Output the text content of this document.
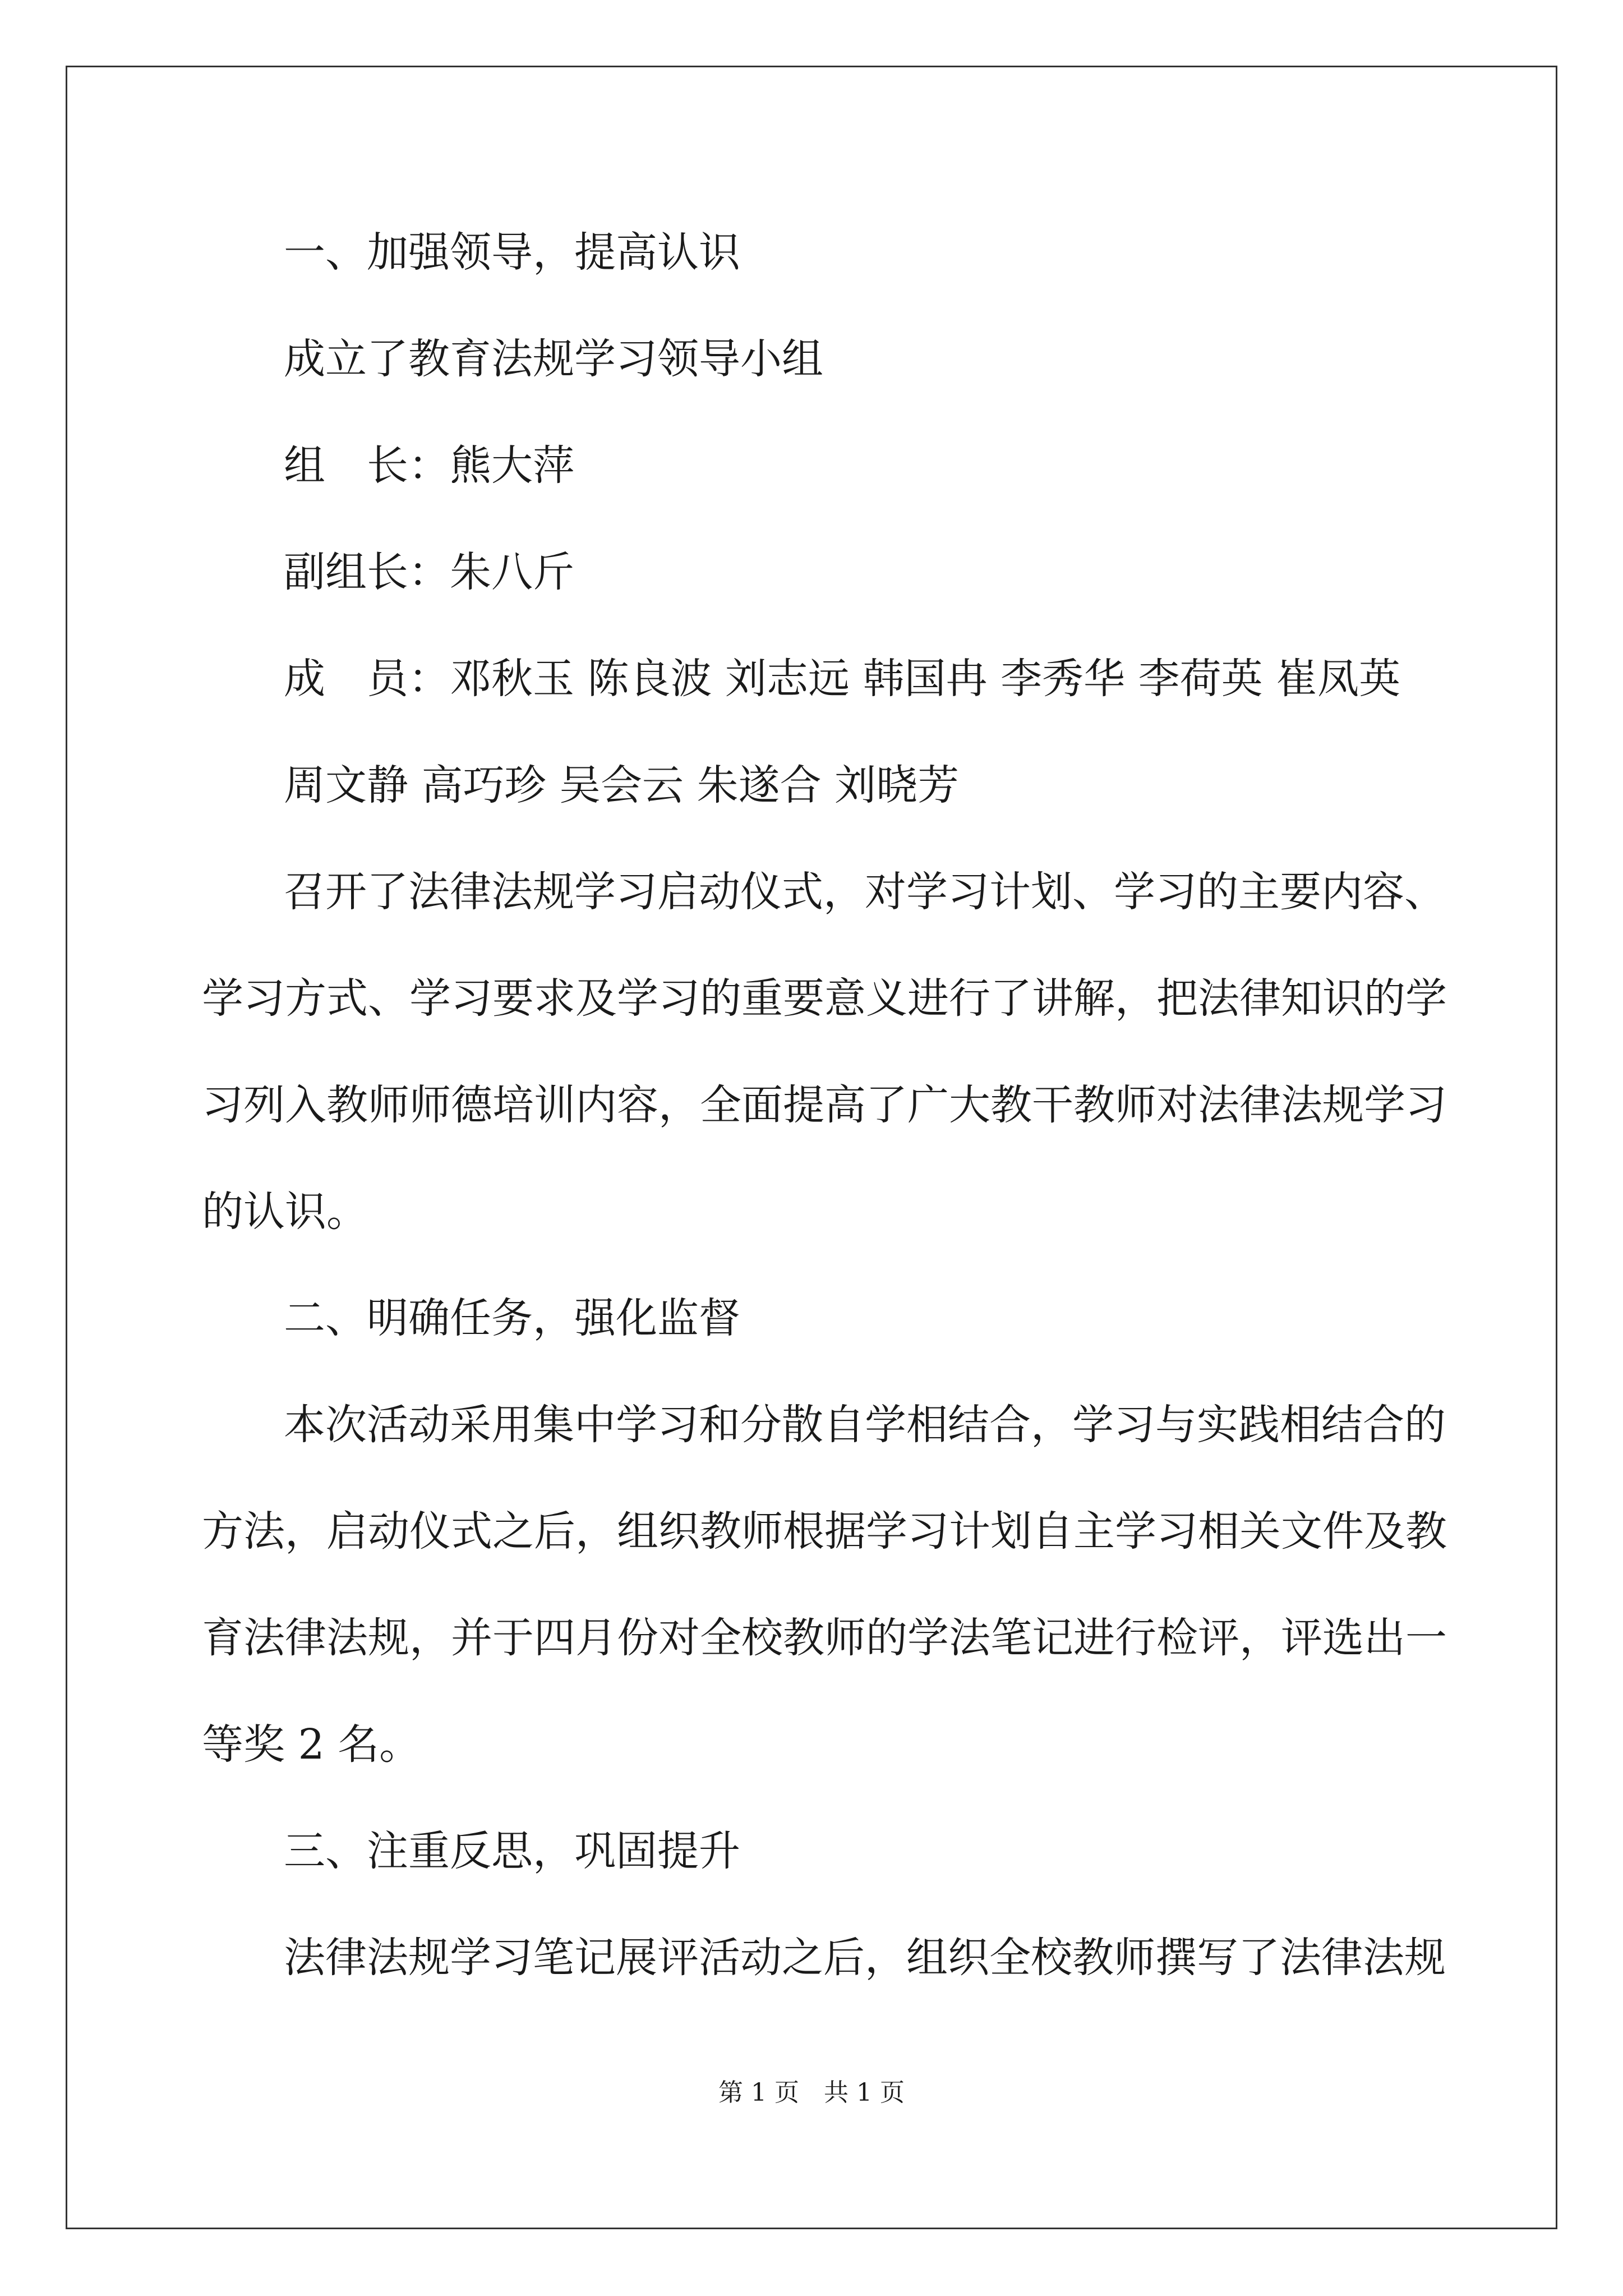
一、加强领导，提高认识
成立了教育法规学习领导小组
组　长：熊大萍
副组长：朱八斤
成　员：邓秋玉 陈良波 刘志远 韩国冉 李秀华 李荷英 崔凤英
周文静 高巧珍 吴会云 朱遂合 刘晓芳
召开了法律法规学习启动仪式，对学习计划、学习的主要内容、
学习方式、学习要求及学习的重要意义进行了讲解，把法律知识的学
习列入教师师德培训内容，全面提高了广大教干教师对法律法规学习
的认识。
二、明确任务，强化监督
本次活动采用集中学习和分散自学相结合，学习与实践相结合的
方法，启动仪式之后，组织教师根据学习计划自主学习相关文件及教
育法律法规，并于四月份对全校教师的学法笔记进行检评，评选出一
等奖 2 名。
三、注重反思，巩固提升
法律法规学习笔记展评活动之后，组织全校教师撰写了法律法规
第 1 页 共 1 页
